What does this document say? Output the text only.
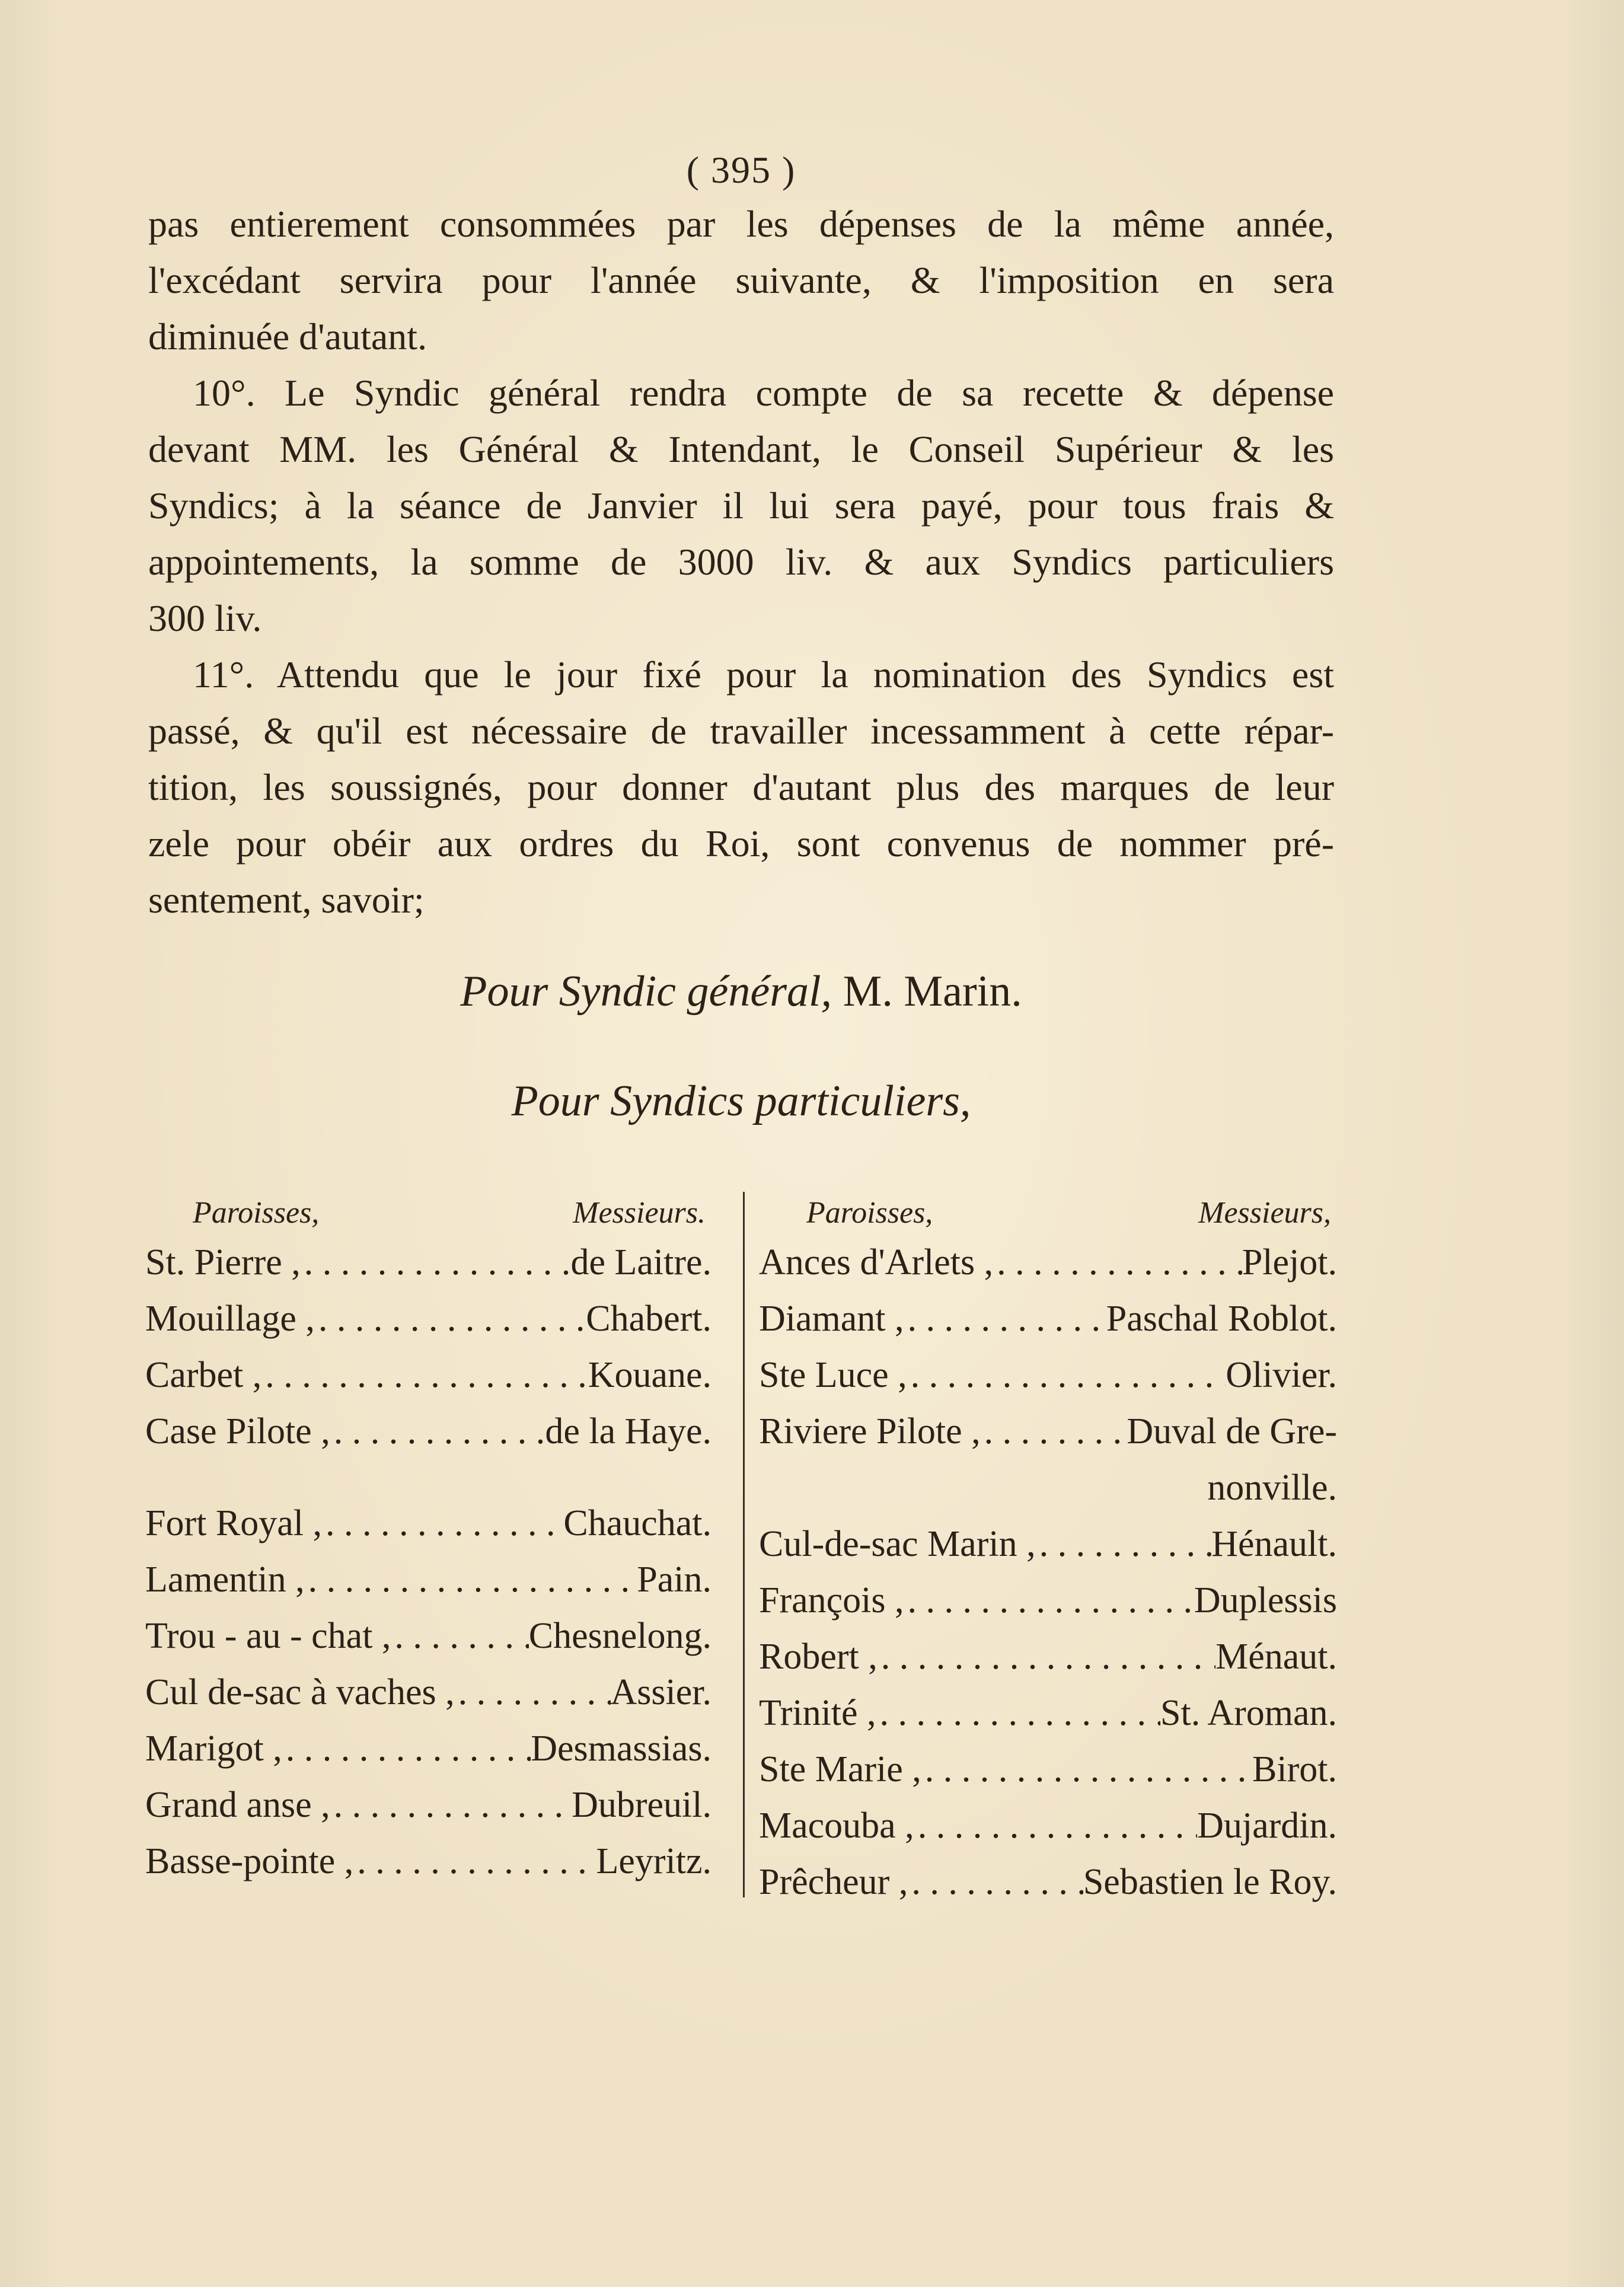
( 395 )
pas entierement consommées par les dépenses de la même année,
l'excédant servira pour l'année suivante, & l'imposition en sera
diminuée d'autant.
10°. Le Syndic général rendra compte de sa recette & dépense
devant MM. les Général & Intendant, le Conseil Supérieur & les
Syndics; à la séance de Janvier il lui sera payé, pour tous frais &
appointements, la somme de 3000 liv. & aux Syndics particuliers
300 liv.
11°. Attendu que le jour fixé pour la nomination des Syndics est
passé, & qu'il est nécessaire de travailler incessamment à cette répar-
tition, les soussignés, pour donner d'autant plus des marques de leur
zele pour obéir aux ordres du Roi, sont convenus de nommer pré-
sentement, savoir;
Pour Syndic général, M. Marin.
Pour Syndics particuliers,
Paroisses,	Messieurs.
St. Pierre , . . .	de Laitre.
Mouillage , . . .	Chabert.
Carbet , . . .	Kouane.
Case Pilote , . . .	de la Haye.
Fort Royal , . . .	Chauchat.
Lamentin , . . .	Pain.
Trou - au - chat , . . .	Chesnelong.
Cul de-sac à vaches , . . .	Assier.
Marigot , . . .	Desmassias.
Grand anse , . . .	Dubreuil.
Basse-pointe , . . .	Leyritz.
Paroisses,	Messieurs,
Ances d'Arlets , . . .	Plejot.
Diamant , . . .	Paschal Roblot.
Ste Luce , . . .	Olivier.
Riviere Pilote , . . .	Duval de Gre-
nonville.
Cul-de-sac Marin , . . .	Hénault.
François , . . .	Duplessis
Robert , . . .	Ménaut.
Trinité , . . .	St. Aroman.
Ste Marie , . . .	Birot.
Macouba , . . .	Dujardin.
Prêcheur , . . .	Sebastien le Roy.
